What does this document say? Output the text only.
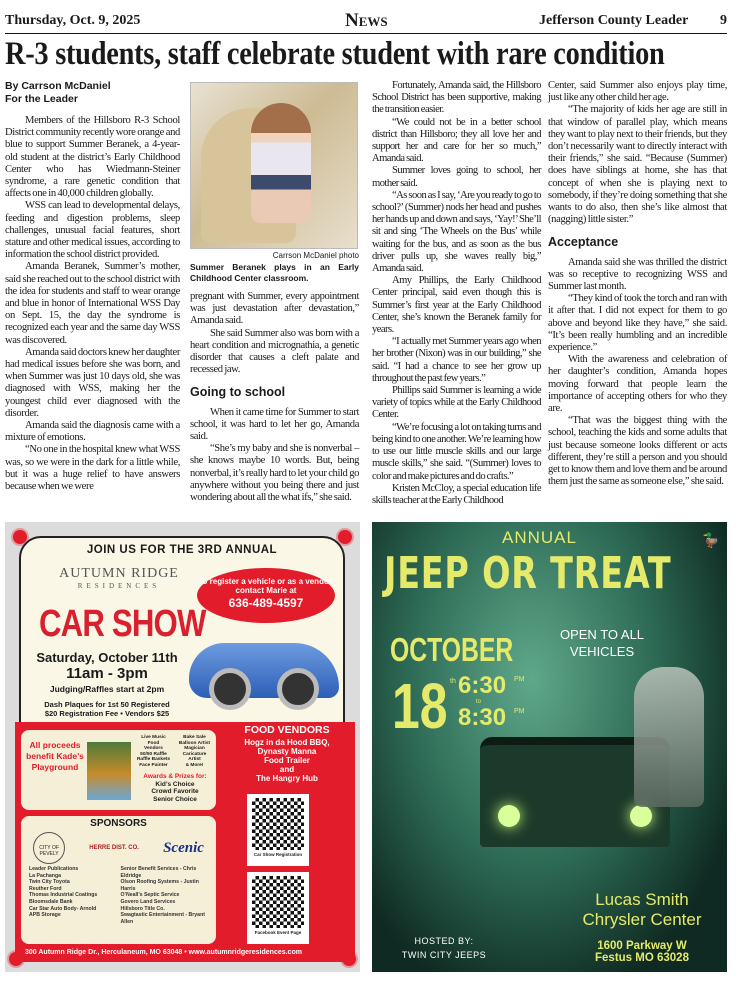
Thursday, Oct. 9, 2025	News	Jefferson County Leader 9
R-3 students, staff celebrate student with rare condition
By Carrson McDaniel
For the Leader

Members of the Hillsboro R-3 School District community recently wore orange and blue to support Summer Beranek, a 4-year-old student at the district’s Early Childhood Center who has Wiedmann-Steiner syndrome, a rare genetic condition that affects one in 40,000 children globally.

WSS can lead to developmental delays, feeding and digestion problems, sleep challenges, unusual facial features, short stature and other medical issues, according to information the school district provided.

Amanda Beranek, Summer’s mother, said she reached out to the school district with the idea for students and staff to wear orange and blue in honor of International WSS Day on Sept. 15, the day the syndrome is recognized each year and the same day WSS was discovered.

Amanda said doctors knew her daughter had medical issues before she was born, and when Summer was just 10 days old, she was diagnosed with WSS, making her the youngest child ever diagnosed with the disorder.

Amanda said the diagnosis came with a mixture of emotions.

“No one in the hospital knew what WSS was, so we were in the dark for a little while, but it was a huge relief to have answers because when we were

Carrson McDaniel photo
Summer Beranek plays in an Early Childhood Center classroom.

pregnant with Summer, every appointment was just devastation after devastation,” Amanda said.

She said Summer also was born with a heart condition and micrognathia, a genetic disorder that causes a cleft palate and recessed jaw.

Going to school

When it came time for Summer to start school, it was hard to let her go, Amanda said.

“She’s my baby and she is nonverbal – she knows maybe 10 words. But, being nonverbal, it’s really hard to let your child go anywhere without you being there and just wondering about all the what ifs,” she said.

Fortunately, Amanda said, the Hillsboro School District has been supportive, making the transition easier.

“We could not be in a better school district than Hillsboro; they all love her and support her and care for her so much,” Amanda said.

Summer loves going to school, her mother said.

“As soon as I say, ‘Are you ready to go to school?’ (Summer) nods her head and pushes her hands up and down and says, ‘Yay!’ She’ll sit and sing ‘The Wheels on the Bus’ while waiting for the bus, and as soon as the bus driver pulls up, she waves really big,” Amanda said.

Amy Phillips, the Early Childhood Center principal, said even though this is Summer’s first year at the Early Childhood Center, she’s known the Beranek family for years.

“I actually met Summer years ago when her brother (Nixon) was in our building,” she said. “I had a chance to see her grow up throughout the past few years.”

Phillips said Summer is learning a wide variety of topics while at the Early Childhood Center.

“We’re focusing a lot on taking turns and being kind to one another. We’re learning how to use our little muscle skills and our large muscle skills,” she said. “(Summer) loves to color and make pictures and do crafts.”

Kristen McCloy, a special education life skills teacher at the Early Childhood

Center, said Summer also enjoys play time, just like any other child her age.

“The majority of kids her age are still in that window of parallel play, which means they want to play next to their friends, but they don’t necessarily want to directly interact with their friends,” she said. “Because (Summer) does have siblings at home, she has that concept of when she is playing next to somebody, if they’re doing something that she wants to do also, then she’s like almost that (nagging) little sister.”

Acceptance

Amanda said she was thrilled the district was so receptive to recognizing WSS and Summer last month.

“They kind of took the torch and ran with it after that. I did not expect for them to go above and beyond like they have,” she said. “It’s been really humbling and an incredible experience.”

With the awareness and celebration of her daughter’s condition, Amanda hopes moving forward that people learn the importance of accepting others for who they are.

“That was the biggest thing with the school, teaching the kids and some adults that just because someone looks different or acts different, they’re still a person and you should get to know them and love them and be around them just the same as someone else,” she said.

JOIN US FOR THE 3RD ANNUAL
AUTUMN RIDGE
RESIDENCES
CAR SHOW
To register a vehicle or as a vendor, contact Marie at
636-489-4597
Saturday, October 11th
11am - 3pm
Judging/Raffles start at 2pm
Dash Plaques for 1st 50 Registered
$20 Registration Fee • Vendors $25
All proceeds benefit Kade’s Playground
Live Music	Bake Sale
Food	Balloon Artist
Vendors	Magician
50/50 Raffle	Caricature
Raffle Baskets	Artist
Face Painter	& More!
Awards & Prizes for:
Kid’s Choice
Crowd Favorite
Senior Choice
FOOD VENDORS
Hogz in da Hood BBQ,
Dynasty Manna
Food Trailer
and
The Hangry Hub
Car Show Registration
Facebook Event Page
SPONSORS
CITY OF PEVELY
HERRE DIST. CO. Scenic
Leader Publications
La Pachanga
Twin City Toyota
Reuther Ford
Thomas Industrial Coatings
Bloomsdale Bank
Car Star Auto Body- Arnold
APB Storage
Senior Benefit Services - Chris Eldridge
Olson Roofing Systems - Justin Harris
O’Neall’s Septic Service
Govero Land Services
Hillsboro Title Co.
Swagtastic Entertainment - Bryant Allen
300 Autumn Ridge Dr., Herculaneum, MO 63048 • www.autumnridgeresidences.com
ANNUAL
JEEP OR TREAT
🦆
OPEN TO ALL VEHICLES
OCTOBER
18 th 6:30 PM
to
8:30 PM
HOSTED BY:
TWIN CITY JEEPS
Lucas Smith Chrysler Center
1600 Parkway W
Festus MO 63028
